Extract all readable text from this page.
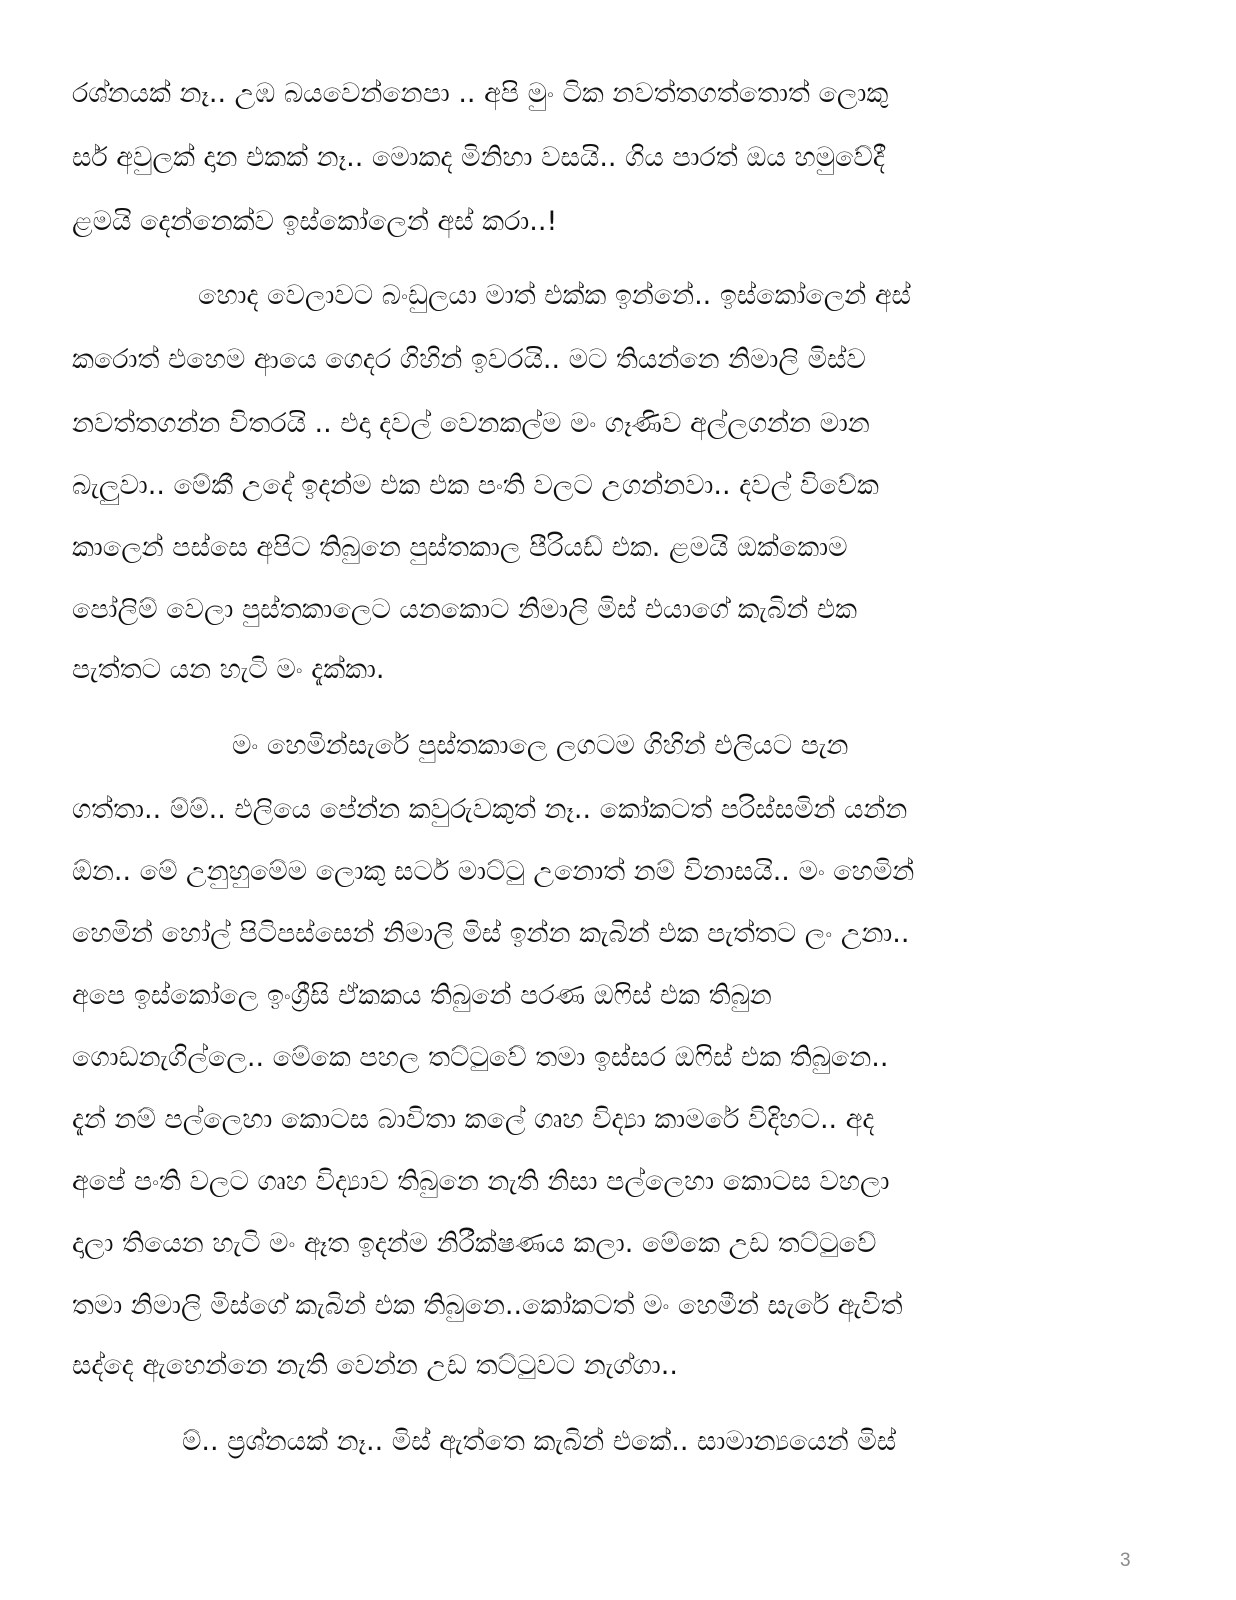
රශ්නයක් නෑ.. උඹ බයවෙන්නෙපා .. අපි මුං ටික නවත්තගත්තොත් ලොකු
සර් අවුලක් දාන එකක් නෑ.. මොකද මිනිහා වසයි.. ගිය පාරත් ඔය හමුවේදී
ළමයි දෙන්නෙක්ව ඉස්කෝලෙන් අස් කරා..!
හොද වෙලාවට බංඩුලයා මාත් එක්ක ඉන්නේ.. ඉස්කෝලෙන් අස්
කරොත් එහෙම ආයෙ ගෙදර ගිහින් ඉවරයි.. මට තියන්නෙ නිමාලි මිස්ව
නවත්තගන්න විතරයි .. එදා දවල් වෙනකල්ම මං ගෑණිව අල්ලගන්න මාන
බැලුවා.. මේකී උදේ ඉදන්ම එක එක පංති වලට උගන්නවා.. දවල් විවේක
කාලෙන් පස්සෙ අපිට තිබුනෙ පුස්තකාල පීරියඩ් එක. ළමයි ඔක්කොම
පෝලිම් වෙලා පුස්තකාලෙට යනකොට නිමාලි මිස් එයාගේ කැබින් එක
පැත්තට යන හැටි මං දැක්කා.
මං හෙමින්සැරේ පුස්තකාලෙ ලගටම ගිහින් එලියට පැන
ගත්තා.. ම්ම්.. එලියෙ පේන්න කවුරුවකුත් නෑ.. කෝකටත් පරිස්සමින් යන්න
ඕන.. මේ උනුහුමේම ලොකු සර්ට මාට්ටු උනොත් නම් විනාසයි.. මං හෙමින්
හෙමින් හෝල් පිටිපස්සෙන් නිමාලි මිස් ඉන්න කැබින් එක පැත්තට ලං උනා..
අපෙ ඉස්කෝලෙ ඉංග්‍රීසි ඒකකය තිබුනේ පරණ ඔෆිස් එක තිබුන
ගොඩනැගිල්ලෙ.. මේකෙ පහල තට්ටුවේ තමා ඉස්සර ඔෆිස් එක තිබුනෙ..
දැන් නම් පල්ලෙහා කොටස බාවිතා කලේ ගෘහ විද්‍යා කාමරේ විදිහට.. අද
අපේ පංති වලට ගෘහ විද්‍යාව තිබුනෙ නැති නිසා පල්ලෙහා කොටස වහලා
දාලා තියෙන හැටි මං ඈත ඉදන්ම නිරීක්ෂණය කලා. මේකෙ උඩ තට්ටුවේ
තමා නිමාලි මිස්ගේ කැබින් එක තිබුනෙ..කෝකටත් මං හෙමීන් සැරේ ඇවිත්
සද්දෙ ඇහෙන්නෙ නැති වෙන්න උඩ තට්ටුවට නැග්ගා..
ම්.. ප්‍රශ්නයක් නෑ.. මිස් ඇත්තෙ කැබින් එකේ.. සාමාන්‍යයෙන් මිස්
3
